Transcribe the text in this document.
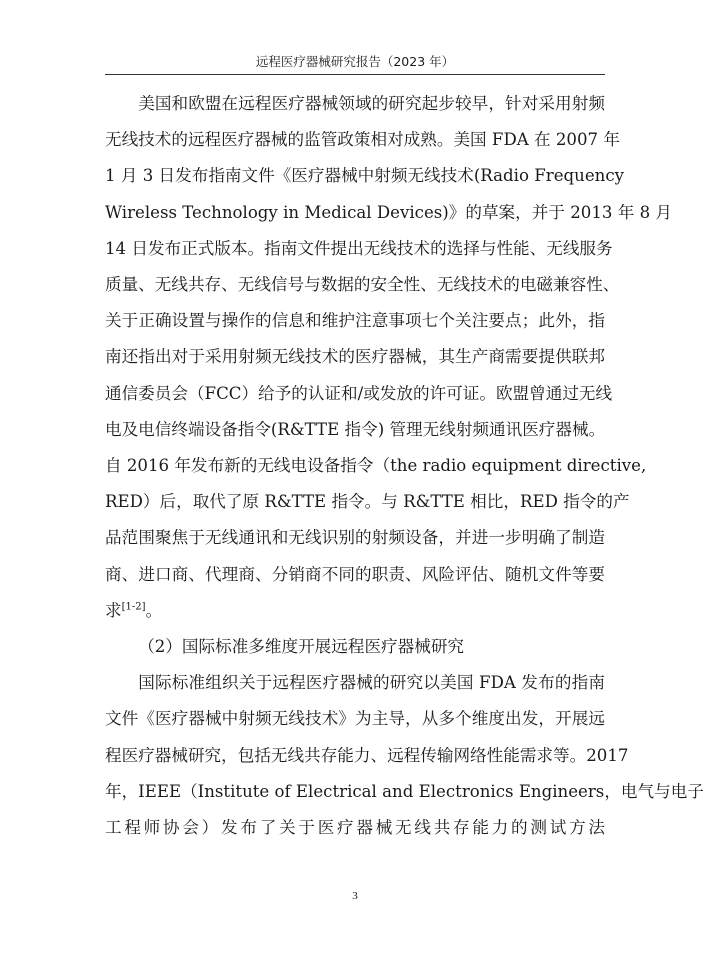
远程医疗器械研究报告（2023 年）
美国和欧盟在远程医疗器械领域的研究起步较早，针对采用射频
无线技术的远程医疗器械的监管政策相对成熟。美国 FDA 在 2007 年
1 月 3 日发布指南文件《医疗器械中射频无线技术(Radio Frequency
Wireless Technology in Medical Devices)》的草案，并于 2013 年 8 月
14 日发布正式版本。指南文件提出无线技术的选择与性能、无线服务
质量、无线共存、无线信号与数据的安全性、无线技术的电磁兼容性、
关于正确设置与操作的信息和维护注意事项七个关注要点；此外，指
南还指出对于采用射频无线技术的医疗器械，其生产商需要提供联邦
通信委员会（FCC）给予的认证和/或发放的许可证。欧盟曾通过无线
电及电信终端设备指令(R&TTE 指令) 管理无线射频通讯医疗器械。
自 2016 年发布新的无线电设备指令（the radio equipment directive,
RED）后，取代了原 R&TTE 指令。与 R&TTE 相比，RED 指令的产
品范围聚焦于无线通讯和无线识别的射频设备，并进一步明确了制造
商、进口商、代理商、分销商不同的职责、风险评估、随机文件等要
求[1-2]。
（2）国际标准多维度开展远程医疗器械研究
国际标准组织关于远程医疗器械的研究以美国 FDA 发布的指南
文件《医疗器械中射频无线技术》为主导，从多个维度出发，开展远
程医疗器械研究，包括无线共存能力、远程传输网络性能需求等。2017
年，IEEE（Institute of Electrical and Electronics Engineers，电气与电子
工程师协会）发布了关于医疗器械无线共存能力的测试方法
3
